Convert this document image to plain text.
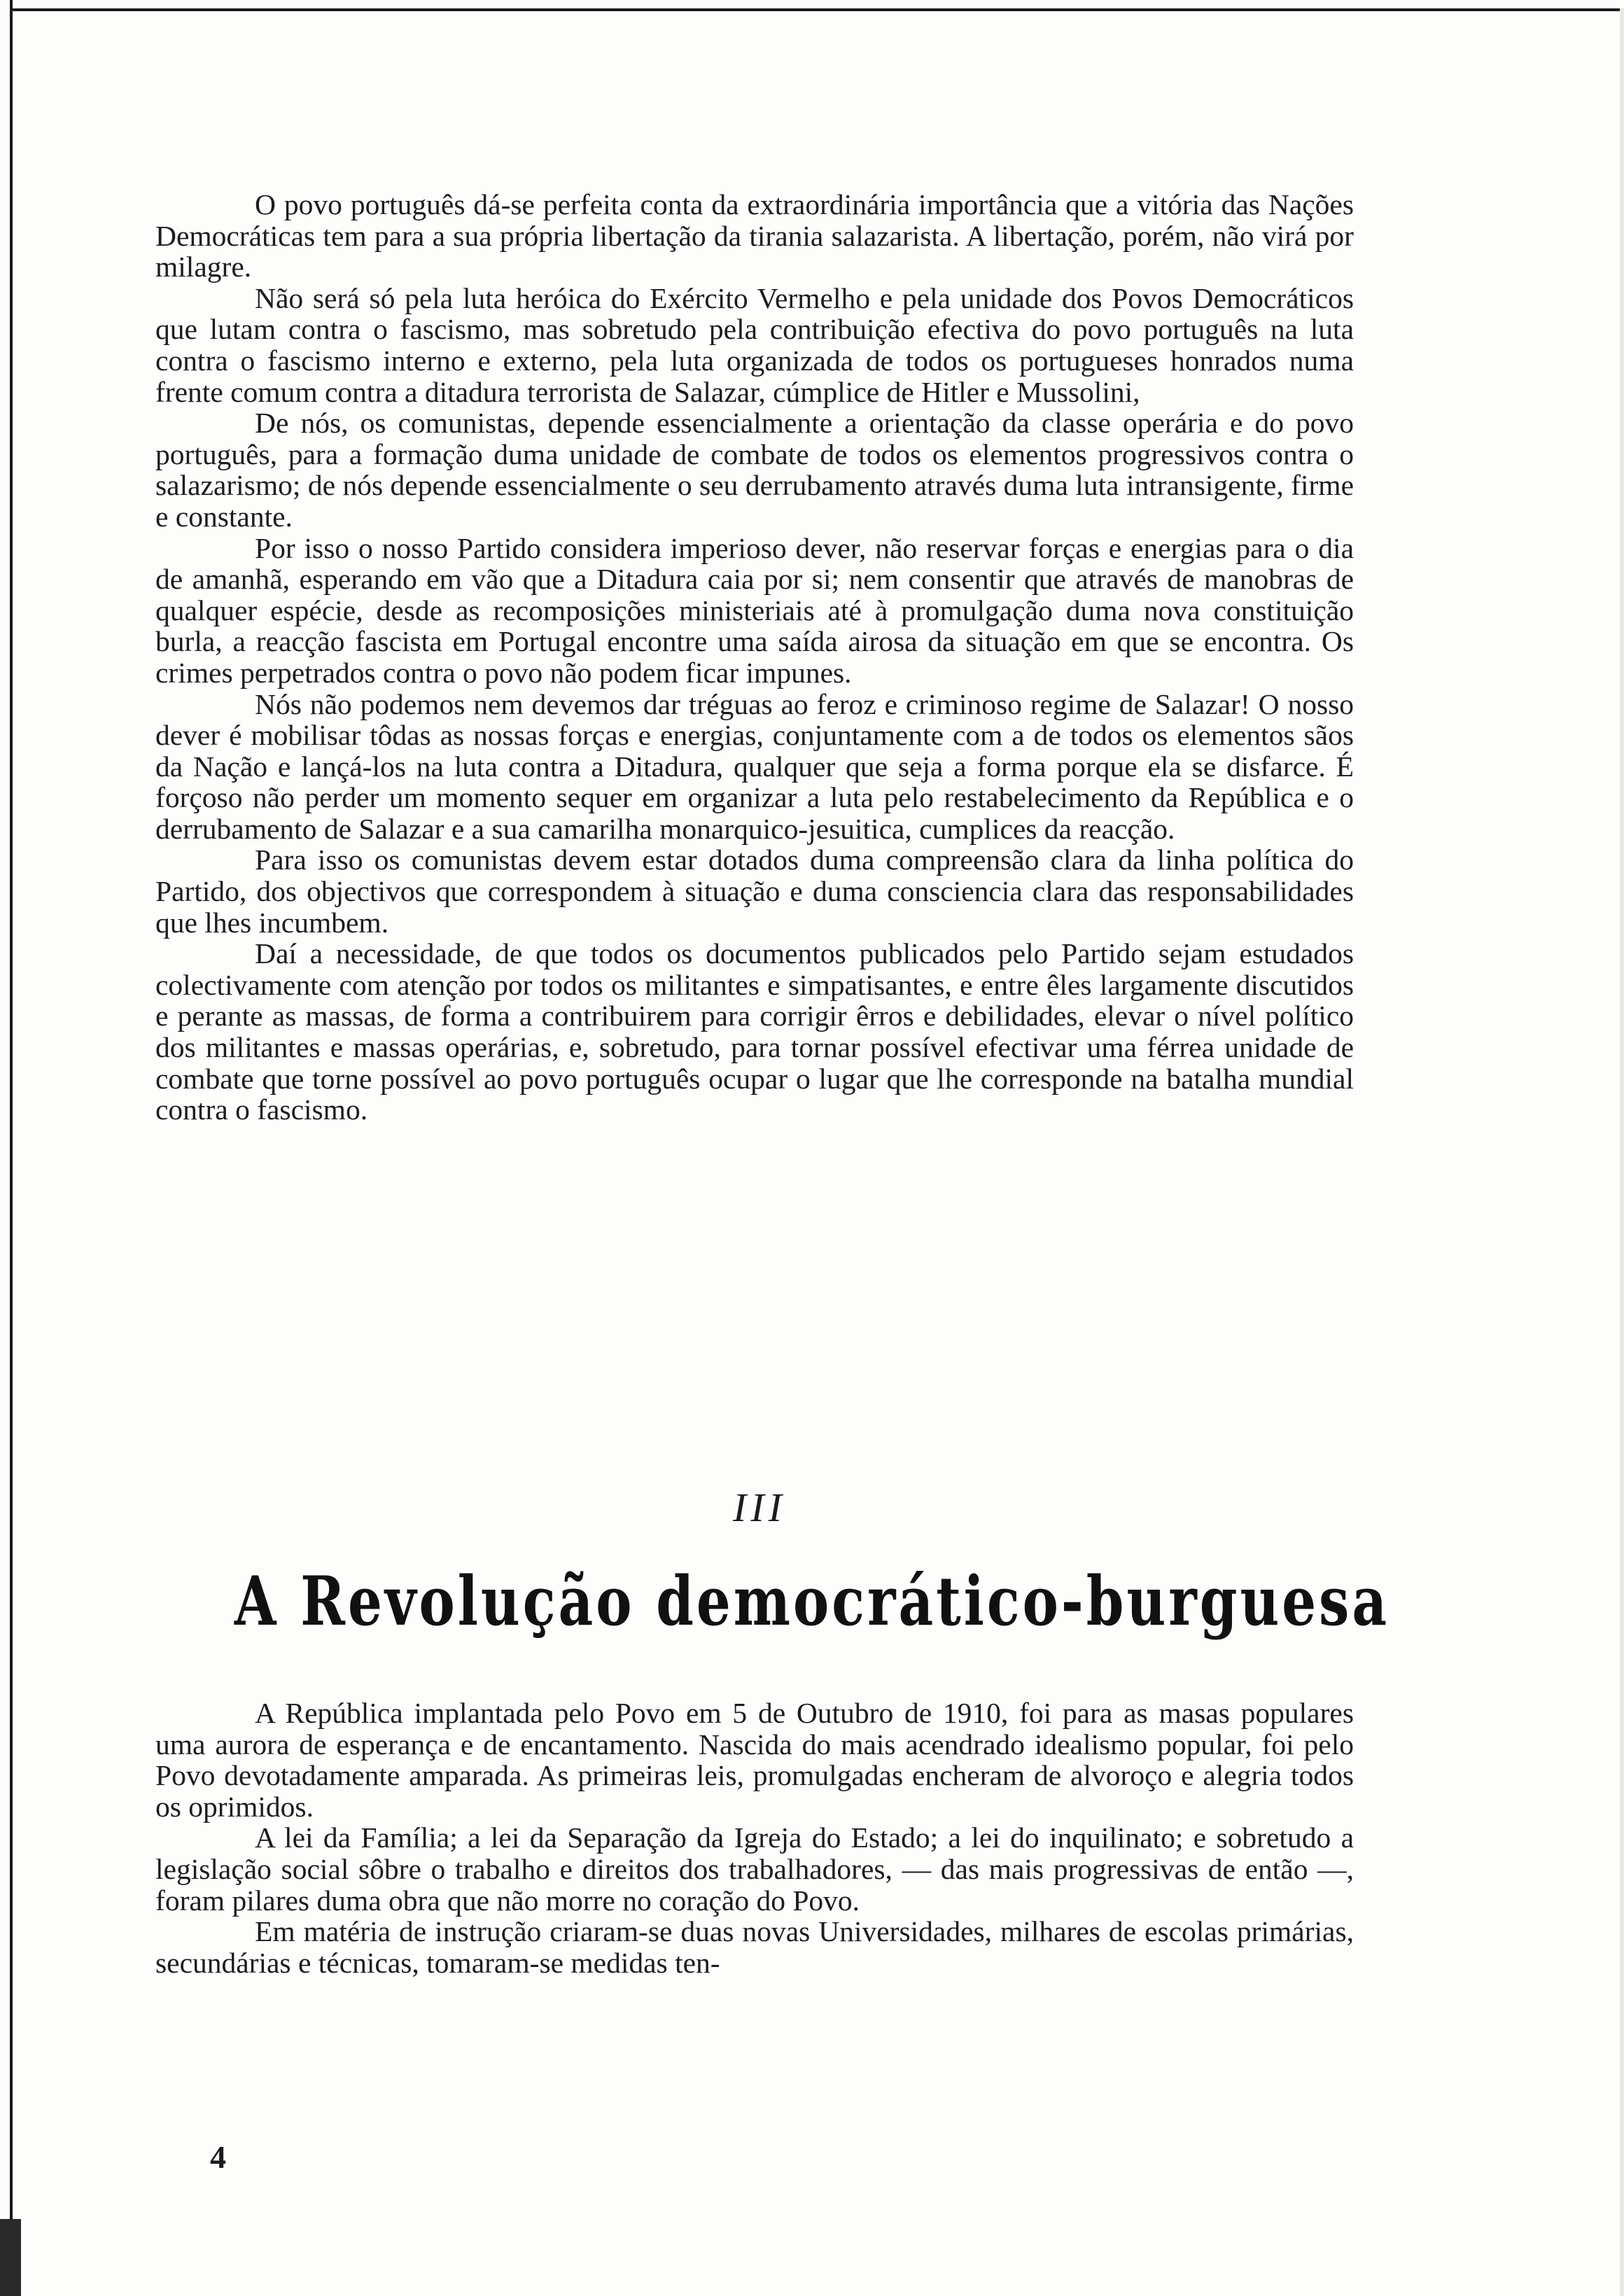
O povo português dá-se perfeita conta da extraordinária importância que a vitória das Nações Democráticas tem para a sua própria libertação da tirania salazarista. A libertação, porém, não virá por milagre.

Não será só pela luta heróica do Exército Vermelho e pela unidade dos Povos Democráticos que lutam contra o fascismo, mas sobretudo pela contribuição efectiva do povo português na luta contra o fascismo interno e externo, pela luta organizada de todos os portugueses honrados numa frente comum contra a ditadura terrorista de Salazar, cúmplice de Hitler e Mussolini,

De nós, os comunistas, depende essencialmente a orientação da classe operária e do povo português, para a formação duma unidade de combate de todos os elementos progressivos contra o salazarismo; de nós depende essencialmente o seu derrubamento através duma luta intransigente, firme e constante.

Por isso o nosso Partido considera imperioso dever, não reservar forças e energias para o dia de amanhã, esperando em vão que a Ditadura caia por si; nem consentir que através de manobras de qualquer espécie, desde as recomposições ministeriais até à promulgação duma nova constituição burla, a reacção fascista em Portugal encontre uma saída airosa da situação em que se encontra. Os crimes perpetrados contra o povo não podem ficar impunes.

Nós não podemos nem devemos dar tréguas ao feroz e criminoso regime de Salazar! O nosso dever é mobilisar tôdas as nossas forças e energias, conjuntamente com a de todos os elementos sãos da Nação e lançá-los na luta contra a Ditadura, qualquer que seja a forma porque ela se disfarce. É forçoso não perder um momento sequer em organizar a luta pelo restabelecimento da República e o derrubamento de Salazar e a sua camarilha monarquico-jesuitica, cumplices da reacção.

Para isso os comunistas devem estar dotados duma compreensão clara da linha política do Partido, dos objectivos que correspondem à situação e duma consciencia clara das responsabilidades que lhes incumbem.

Daí a necessidade, de que todos os documentos publicados pelo Partido sejam estudados colectivamente com atenção por todos os militantes e simpatisantes, e entre êles largamente discutidos e perante as massas, de forma a contribuirem para corrigir êrros e debilidades, elevar o nível político dos militantes e massas operárias, e, sobretudo, para tornar possível efectivar uma férrea unidade de combate que torne possível ao povo português ocupar o lugar que lhe corresponde na batalha mundial contra o fascismo.

III
A Revolução democrático-burguesa

A República implantada pelo Povo em 5 de Outubro de 1910, foi para as masas populares uma aurora de esperança e de encantamento. Nascida do mais acendrado idealismo popular, foi pelo Povo devotadamente amparada. As primeiras leis, promulgadas encheram de alvoroço e alegria todos os oprimidos.

A lei da Família; a lei da Separação da Igreja do Estado; a lei do inquilinato; e sobretudo a legislação social sôbre o trabalho e direitos dos trabalhadores, — das mais progressivas de então —, foram pilares duma obra que não morre no coração do Povo.

Em matéria de instrução criaram-se duas novas Universidades, milhares de escolas primárias, secundárias e técnicas, tomaram-se medidas ten-

4
